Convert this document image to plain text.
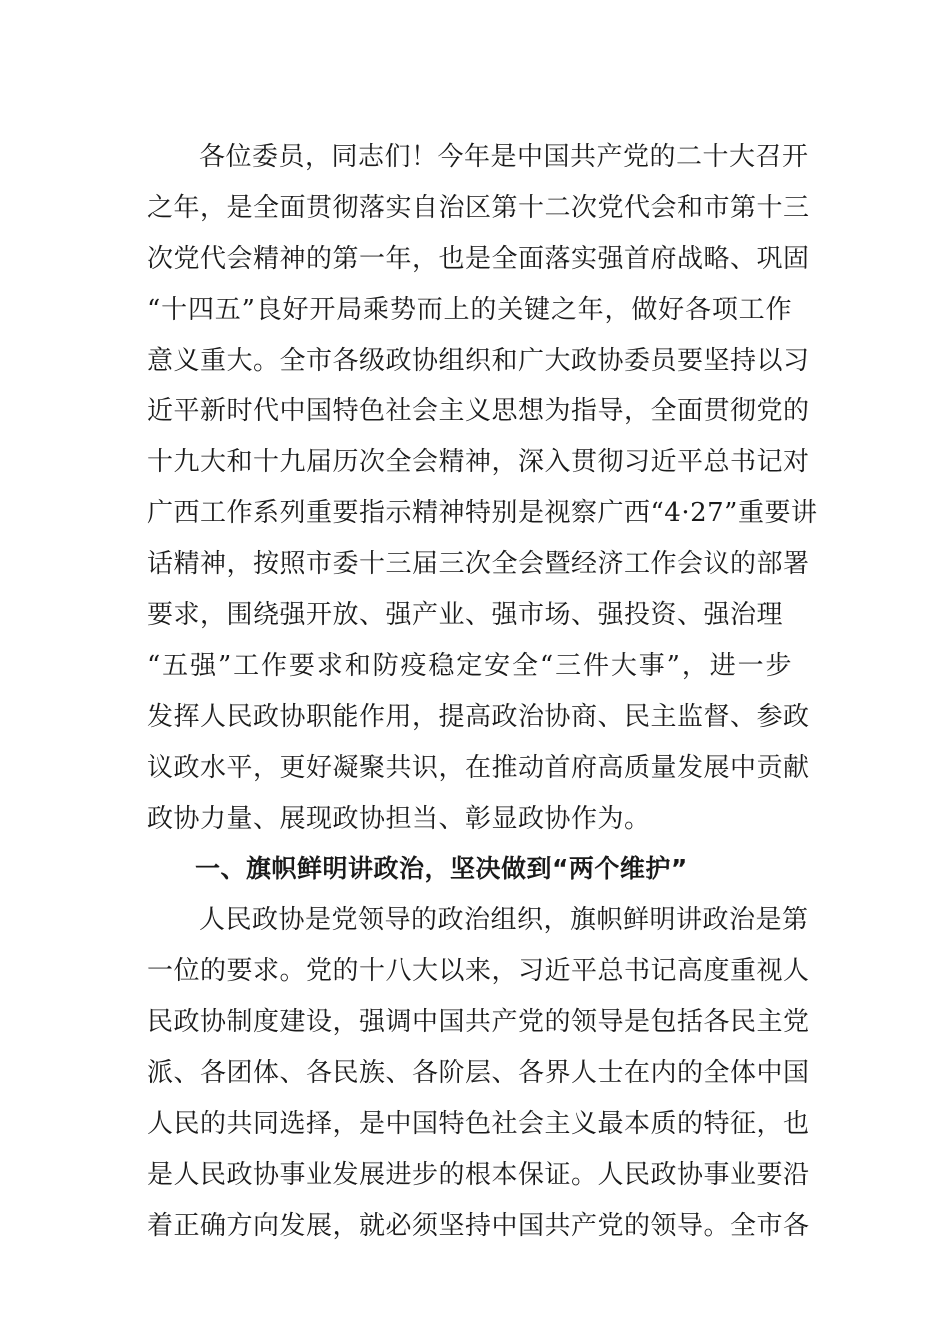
各位委员，同志们！今年是中国共产党的二十大召开
之年，是全面贯彻落实自治区第十二次党代会和市第十三
次党代会精神的第一年，也是全面落实强首府战略、巩固
“十四五”良好开局乘势而上的关键之年，做好各项工作
意义重大。全市各级政协组织和广大政协委员要坚持以习
近平新时代中国特色社会主义思想为指导，全面贯彻党的
十九大和十九届历次全会精神，深入贯彻习近平总书记对
广西工作系列重要指示精神特别是视察广西“4·27”重要讲
话精神，按照市委十三届三次全会暨经济工作会议的部署
要求，围绕强开放、强产业、强市场、强投资、强治理
“五强”工作要求和防疫稳定安全“三件大事”，进一步
发挥人民政协职能作用，提高政治协商、民主监督、参政
议政水平，更好凝聚共识，在推动首府高质量发展中贡献
政协力量、展现政协担当、彰显政协作为。
一、旗帜鲜明讲政治，坚决做到“两个维护”
人民政协是党领导的政治组织，旗帜鲜明讲政治是第
一位的要求。党的十八大以来，习近平总书记高度重视人
民政协制度建设，强调中国共产党的领导是包括各民主党
派、各团体、各民族、各阶层、各界人士在内的全体中国
人民的共同选择，是中国特色社会主义最本质的特征，也
是人民政协事业发展进步的根本保证。人民政协事业要沿
着正确方向发展，就必须坚持中国共产党的领导。全市各
